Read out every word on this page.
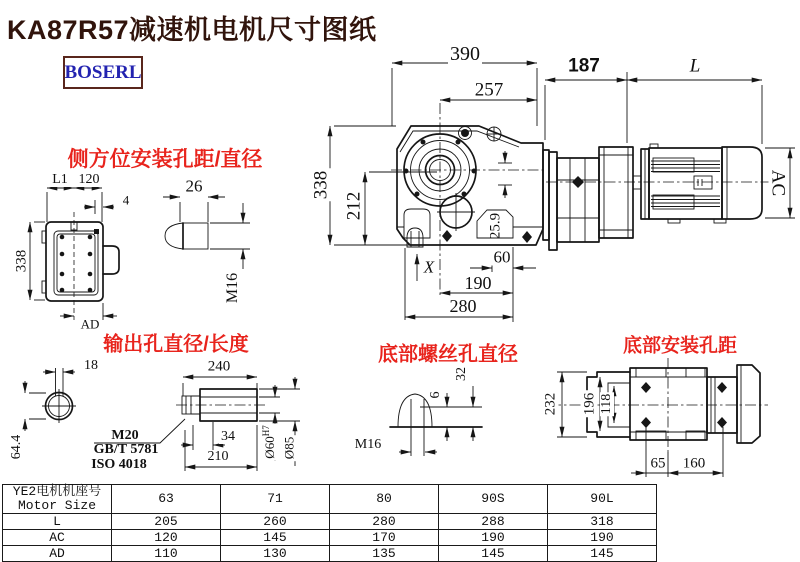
KA87R57减速机电机尺寸图纸
BOSERL
侧方位安装孔距/直径
输出孔直径/长度	底部螺丝孔直径	底部安装孔距
390
257
187	L
AC
338
212
25.9
60
190
280
X
L1 120
4
338
AD
26
M16
18
64.4
240
M20
GB/T 5781
ISO 4018
34
210	$Ø60^{H7}$
Ø85
32
6
M16
232 196 118
65 160
YE2电机机座号
Motor Size	63	71	80	90S	90L
L	205	260	280	288	318
AC	120	145	170	190	190
AD	110	130	135	145	145
